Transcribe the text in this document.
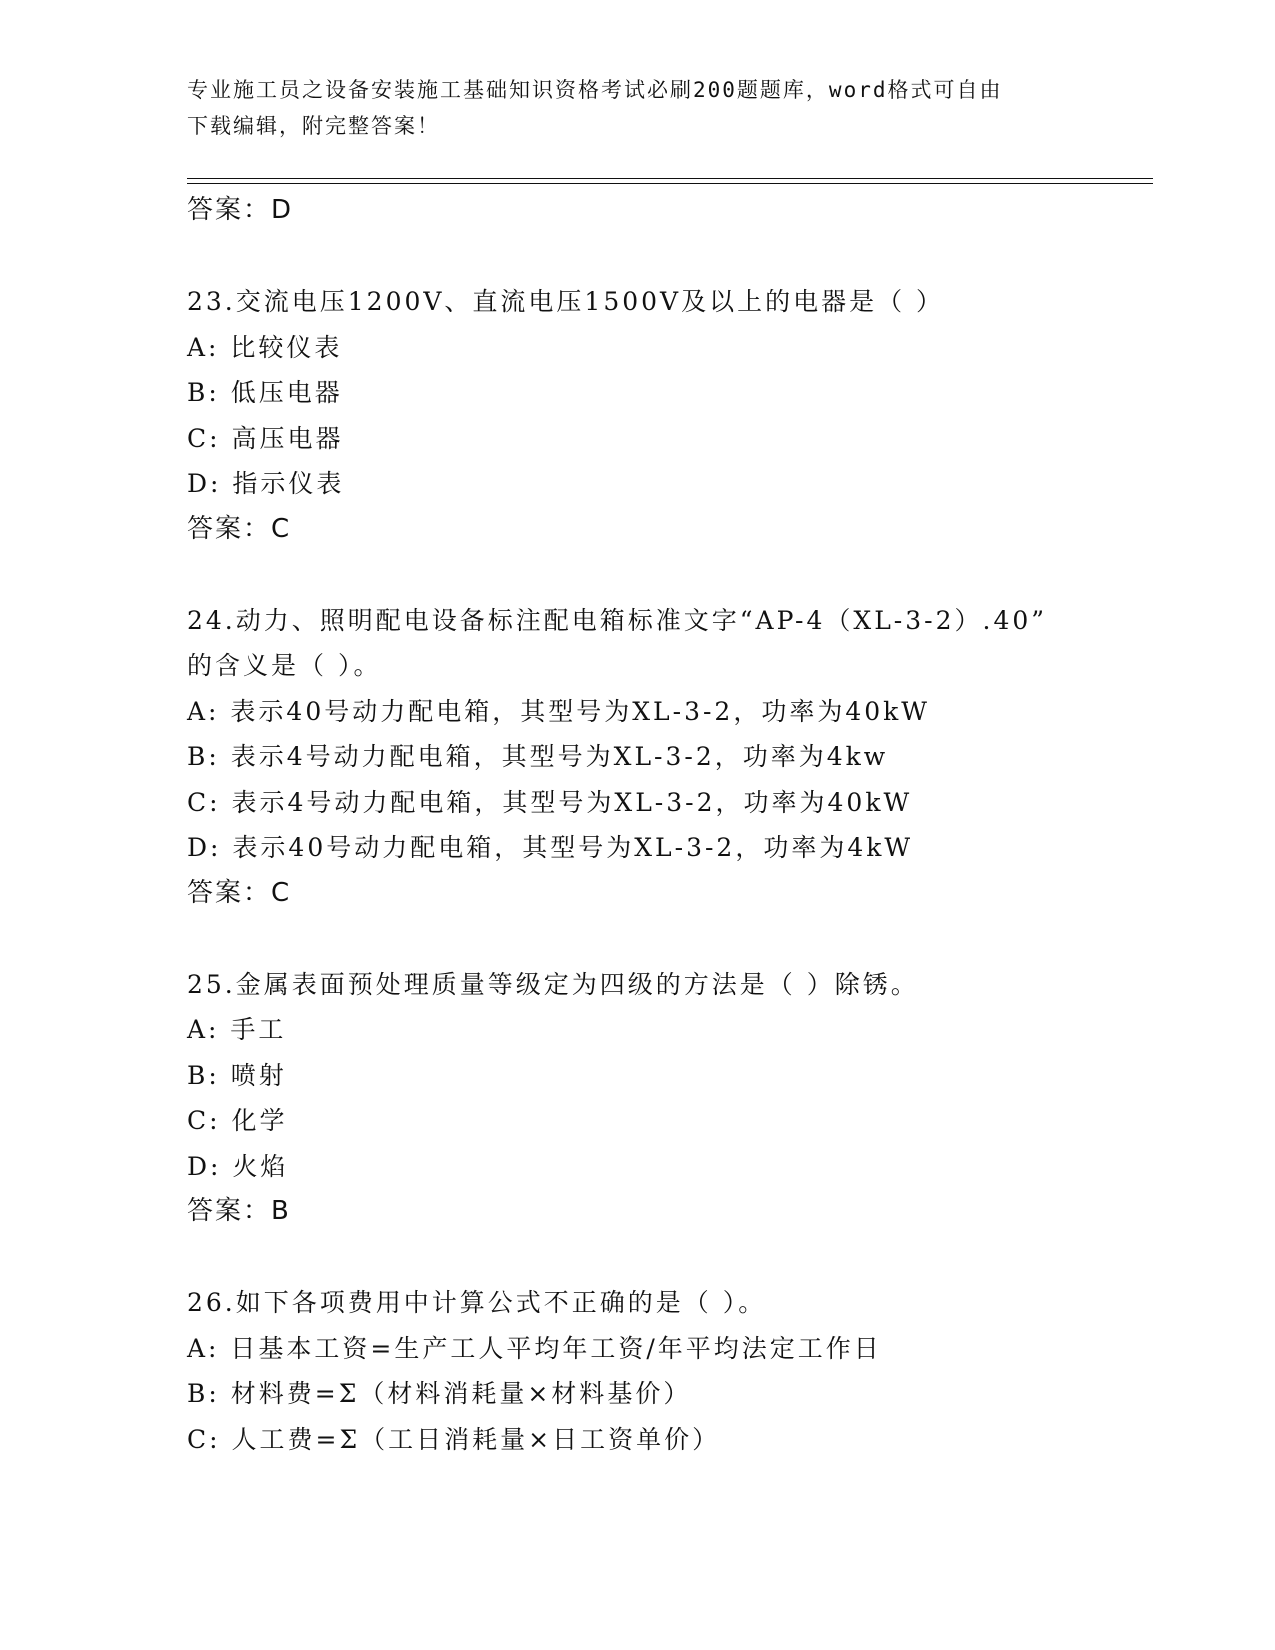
专业施工员之设备安装施工基础知识资格考试必刷200题题库，word格式可自由
下载编辑，附完整答案！
答案：D
23.交流电压1200V、直流电压1500V及以上的电器是（ ）
A: 比较仪表
B: 低压电器
C: 高压电器
D: 指示仪表
答案：C
24.动力、照明配电设备标注配电箱标准文字“AP-4（XL-3-2）.40”
的含义是（ ）。
A: 表示40号动力配电箱，其型号为XL-3-2，功率为40kW
B: 表示4号动力配电箱，其型号为XL-3-2，功率为4kw
C: 表示4号动力配电箱，其型号为XL-3-2，功率为40kW
D: 表示40号动力配电箱，其型号为XL-3-2，功率为4kW
答案：C
25.金属表面预处理质量等级定为四级的方法是（ ）除锈。
A: 手工
B: 喷射
C: 化学
D: 火焰
答案：B
26.如下各项费用中计算公式不正确的是（ ）。
A: 日基本工资=生产工人平均年工资/年平均法定工作日
B: 材料费=Σ（材料消耗量×材料基价）
C: 人工费=Σ（工日消耗量×日工资单价）
